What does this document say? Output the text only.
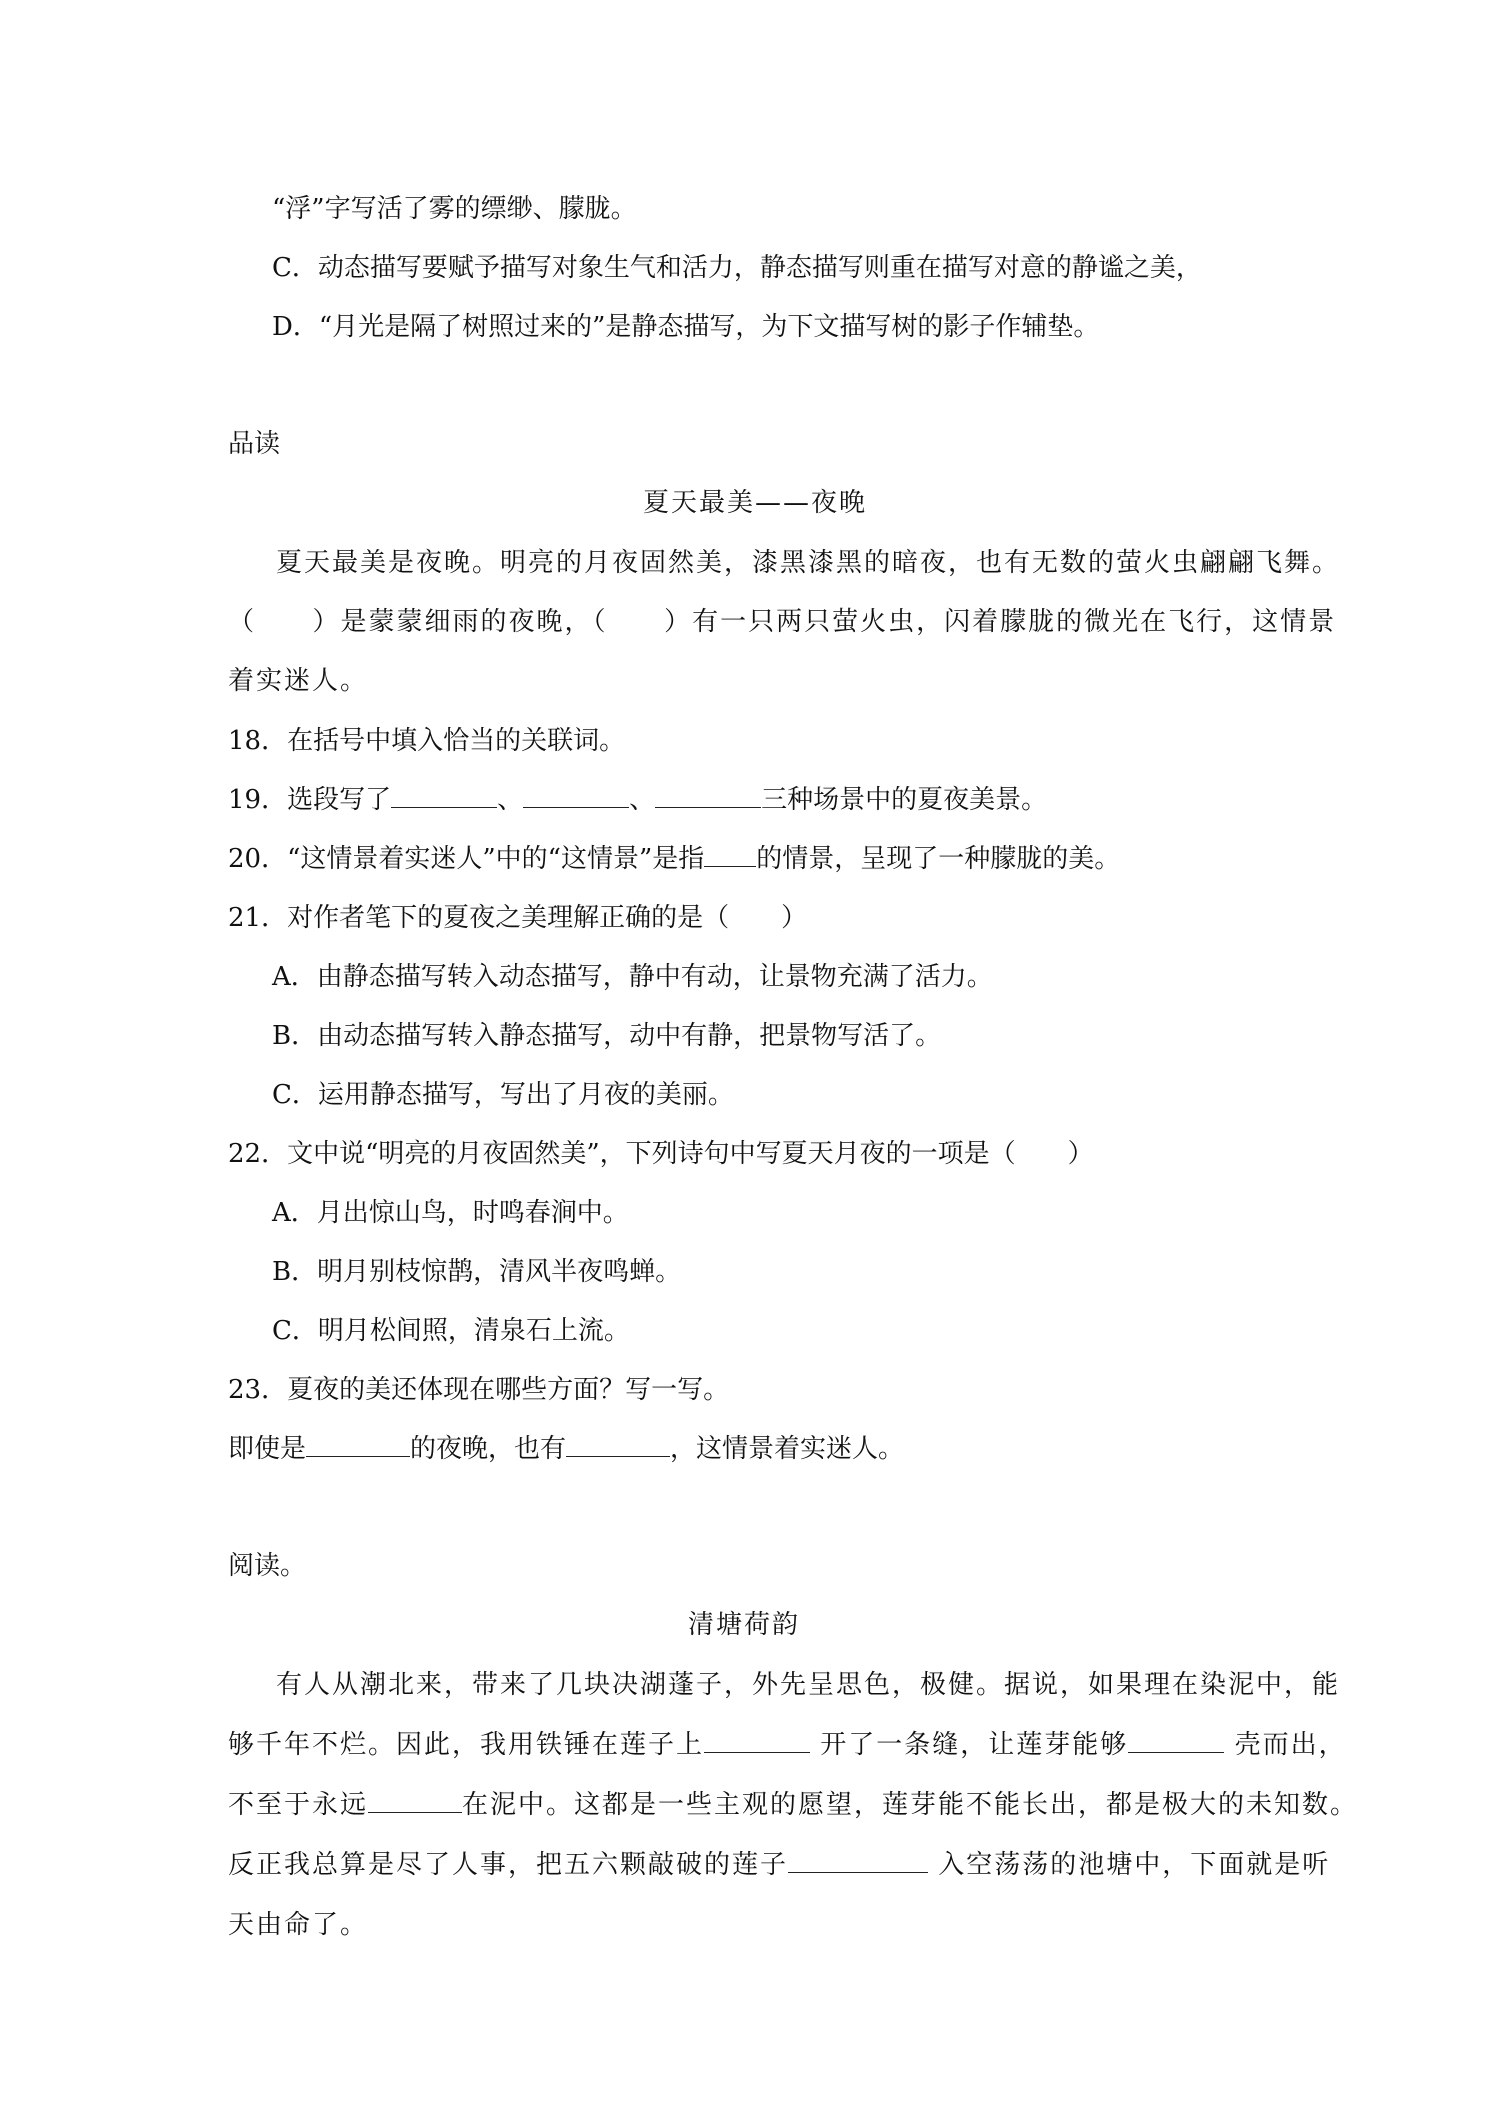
“浮”字写活了雾的缥缈、朦胧。
C．动态描写要赋予描写对象生气和活力，静态描写则重在描写对意的静谧之美，
D．“月光是隔了树照过来的”是静态描写，为下文描写树的影子作辅垫。
品读
夏天最美——夜晚
夏天最美是夜晚。明亮的月夜固然美，漆黑漆黑的暗夜，也有无数的萤火虫翩翩飞舞。
（ ）是蒙蒙细雨的夜晚，（ ）有一只两只萤火虫，闪着朦胧的微光在飞行，这情景
着实迷人。
18．在括号中填入恰当的关联词。
19．选段写了	、	、	三种场景中的夏夜美景。
20．“这情景着实迷人”中的“这情景”是指 的情景，呈现了一种朦胧的美。
21．对作者笔下的夏夜之美理解正确的是（　　）
A．由静态描写转入动态描写，静中有动，让景物充满了活力。
B．由动态描写转入静态描写，动中有静，把景物写活了。
C．运用静态描写，写出了月夜的美丽。
22．文中说“明亮的月夜固然美”，下列诗句中写夏天月夜的一项是（　　）
A．月出惊山鸟，时鸣春涧中。
B．明月别枝惊鹊，清风半夜鸣蝉。
C．明月松间照，清泉石上流。
23．夏夜的美还体现在哪些方面？写一写。
即使是	的夜晚，也有	，这情景着实迷人。
阅读。
清塘荷韵
有人从潮北来，带来了几块决湖蓬子，外先呈思色，极健。据说，如果理在染泥中，能
够千年不烂。因此，我用铁锤在莲子上	开了一条缝，让莲芽能够	壳而出，
不至于永远	在泥中。这都是一些主观的愿望，莲芽能不能长出，都是极大的未知数。
反正我总算是尽了人事，把五六颗敲破的莲子	入空荡荡的池塘中，下面就是听
天由命了。
